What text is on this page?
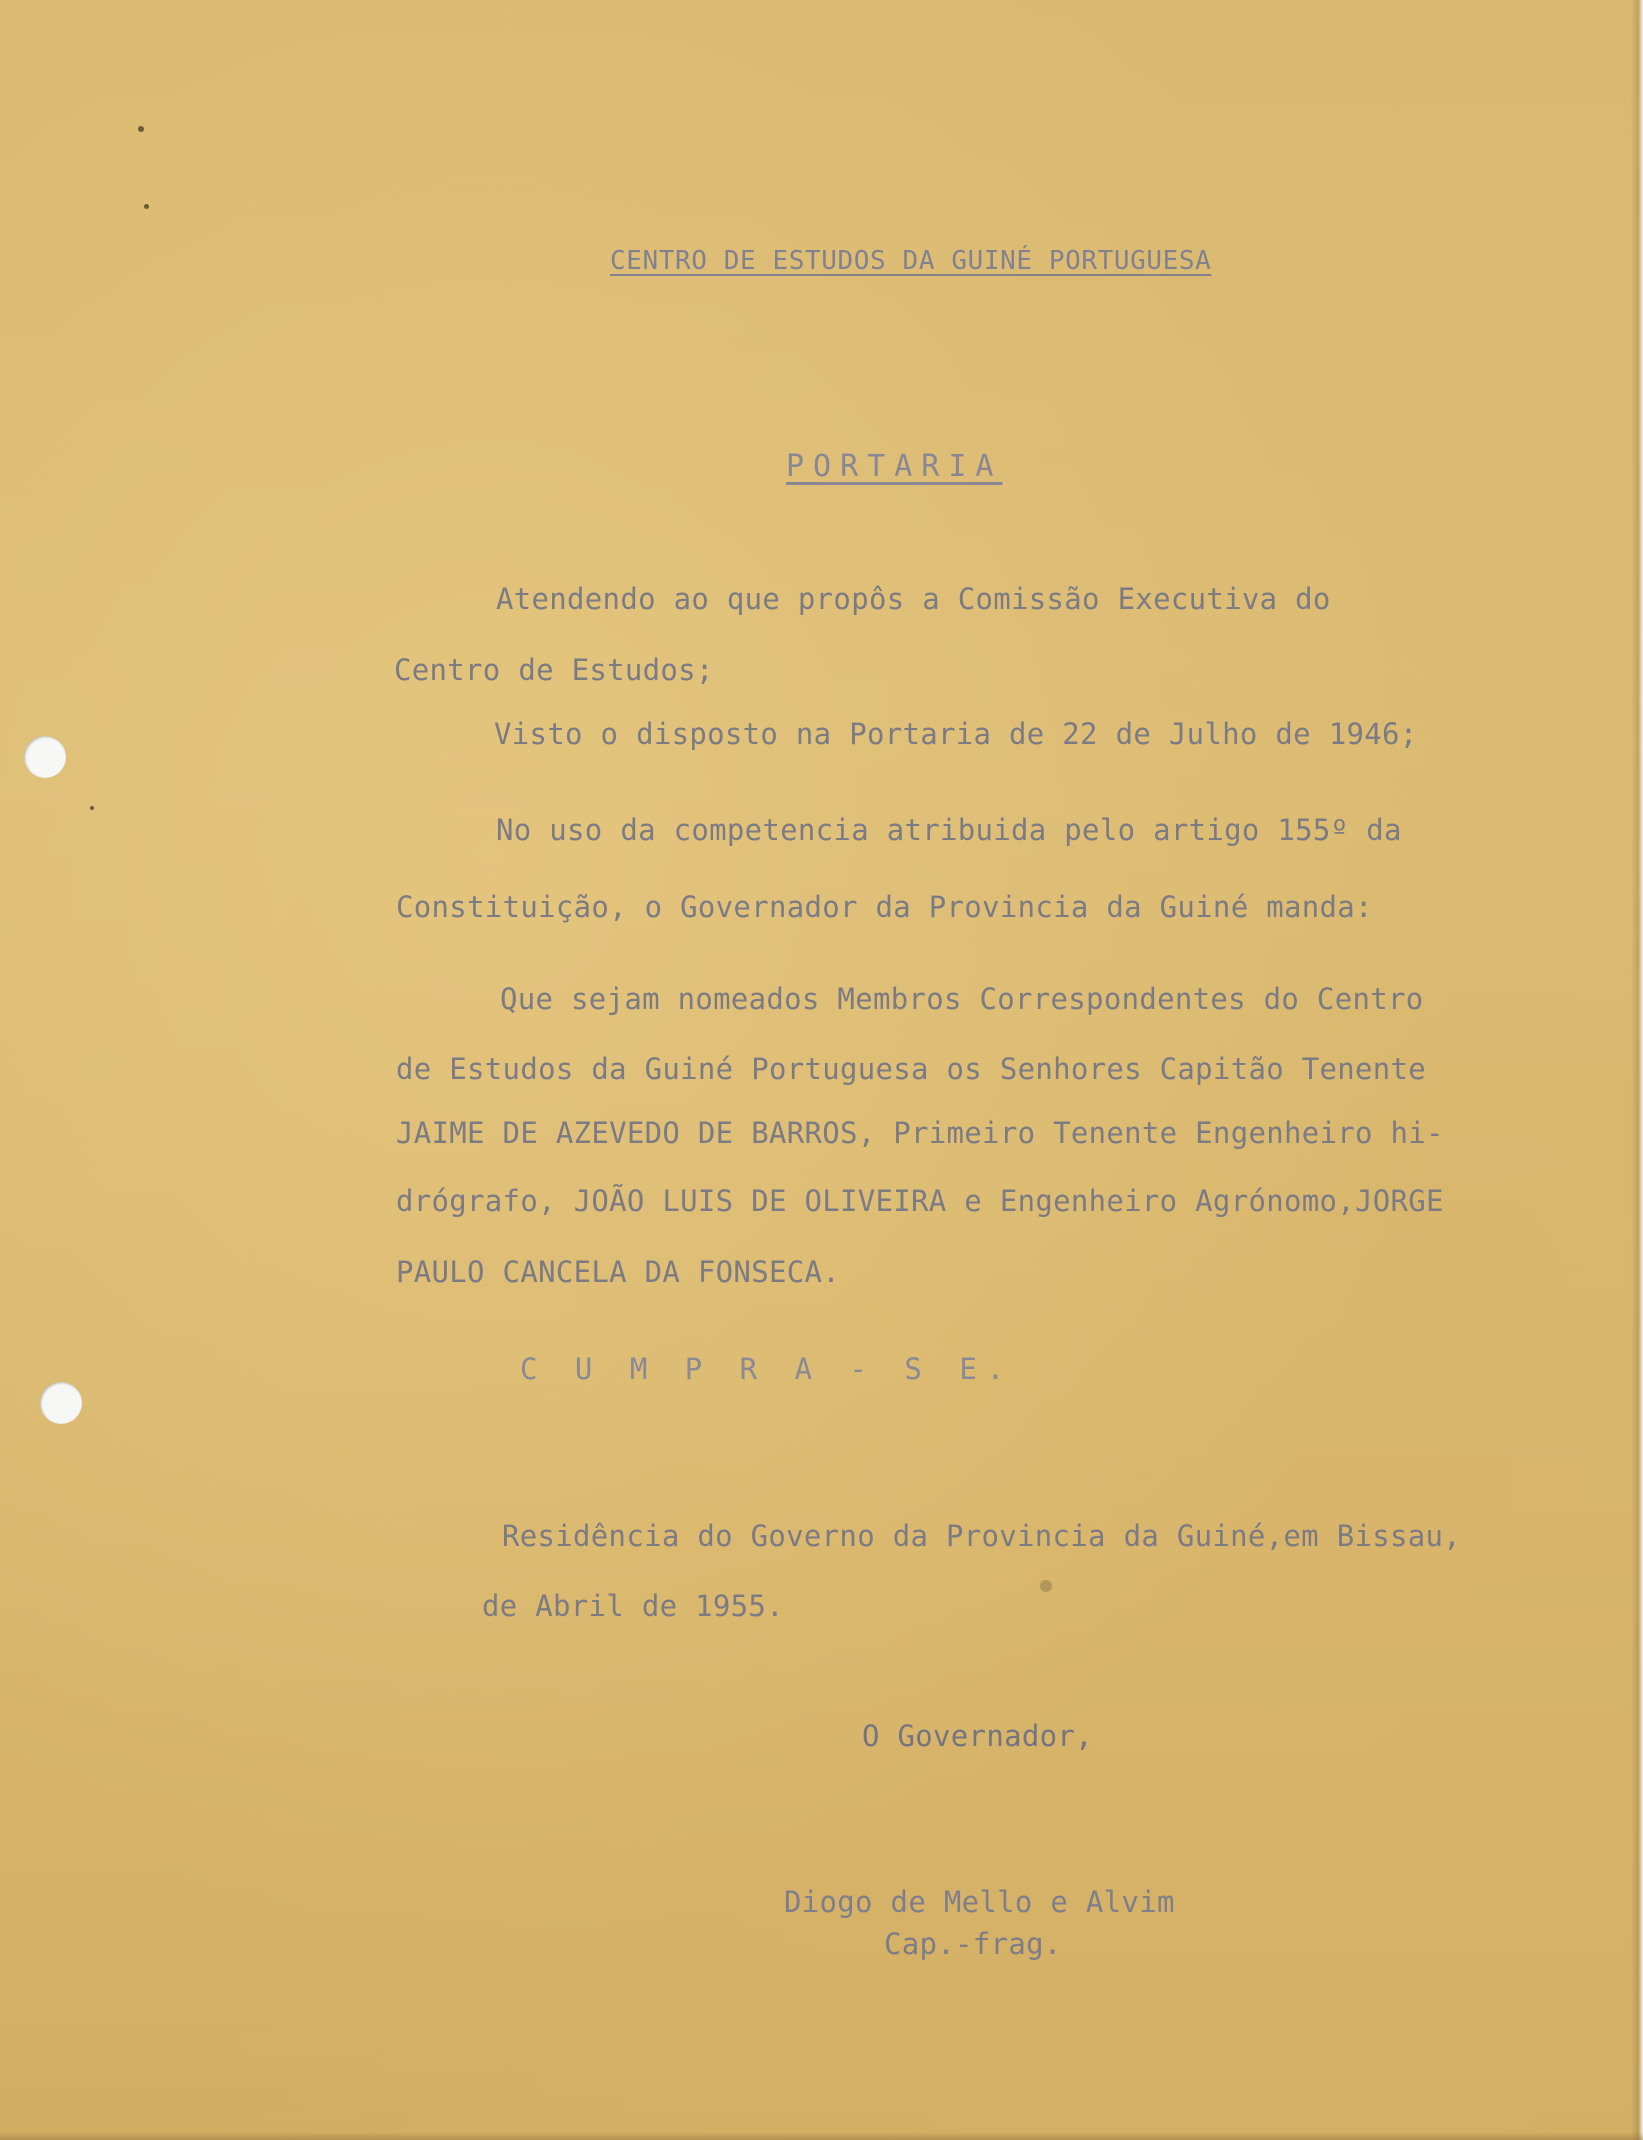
CENTRO DE ESTUDOS DA GUINÉ PORTUGUESA
PORTARIA
Atendendo ao que propôs a Comissão Executiva do
Centro de Estudos;
Visto o disposto na Portaria de 22 de Julho de 1946;
No uso da competencia atribuida pelo artigo 155º da
Constituição, o Governador da Provincia da Guiné manda:
Que sejam nomeados Membros Correspondentes do Centro
de Estudos da Guiné Portuguesa os Senhores Capitão Tenente
JAIME DE AZEVEDO DE BARROS, Primeiro Tenente Engenheiro hi-
drógrafo, JOÃO LUIS DE OLIVEIRA e Engenheiro Agrónomo,JORGE
PAULO CANCELA DA FONSECA.
C U M P R A - S E.
Residência do Governo da Provincia da Guiné,em Bissau,
de Abril de 1955.
O Governador,
Diogo de Mello e Alvim
Cap.-frag.
